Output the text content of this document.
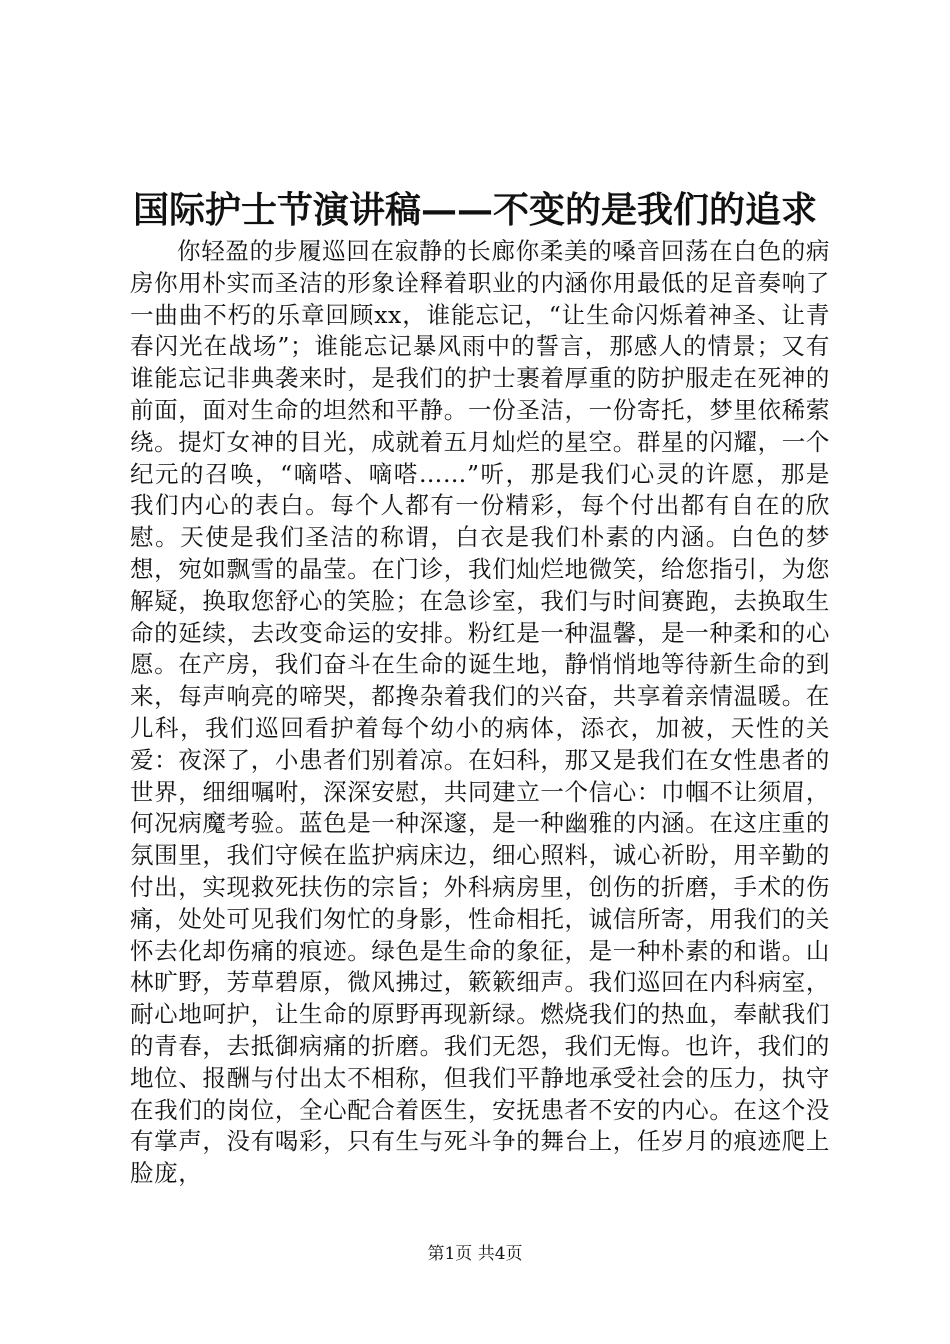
国际护士节演讲稿——不变的是我们的追求

你轻盈的步履巡回在寂静的长廊你柔美的嗓音回荡在白色的病房你用朴实而圣洁的形象诠释着职业的内涵你用最低的足音奏响了一曲曲不朽的乐章回顾xx，谁能忘记，“让生命闪烁着神圣、让青春闪光在战场”；谁能忘记暴风雨中的誓言，那感人的情景；又有谁能忘记非典袭来时，是我们的护士裹着厚重的防护服走在死神的前面，面对生命的坦然和平静。一份圣洁，一份寄托，梦里依稀萦绕。提灯女神的目光，成就着五月灿烂的星空。群星的闪耀，一个纪元的召唤，“嘀嗒、嘀嗒……”听，那是我们心灵的许愿，那是我们内心的表白。每个人都有一份精彩，每个付出都有自在的欣慰。天使是我们圣洁的称谓，白衣是我们朴素的内涵。白色的梦想，宛如飘雪的晶莹。在门诊，我们灿烂地微笑，给您指引，为您解疑，换取您舒心的笑脸；在急诊室，我们与时间赛跑，去换取生命的延续，去改变命运的安排。粉红是一种温馨，是一种柔和的心愿。在产房，我们奋斗在生命的诞生地，静悄悄地等待新生命的到来，每声响亮的啼哭，都搀杂着我们的兴奋，共享着亲情温暖。在儿科，我们巡回看护着每个幼小的病体，添衣，加被，天性的关爱：夜深了，小患者们别着凉。在妇科，那又是我们在女性患者的世界，细细嘱咐，深深安慰，共同建立一个信心：巾帼不让须眉，何况病魔考验。蓝色是一种深邃，是一种幽雅的内涵。在这庄重的氛围里，我们守候在监护病床边，细心照料，诚心祈盼，用辛勤的付出，实现救死扶伤的宗旨；外科病房里，创伤的折磨，手术的伤痛，处处可见我们匆忙的身影，性命相托，诚信所寄，用我们的关怀去化却伤痛的痕迹。绿色是生命的象征，是一种朴素的和谐。山林旷野，芳草碧原，微风拂过，簌簌细声。我们巡回在内科病室，耐心地呵护，让生命的原野再现新绿。燃烧我们的热血，奉献我们的青春，去抵御病痛的折磨。我们无怨，我们无悔。也许，我们的地位、报酬与付出太不相称，但我们平静地承受社会的压力，执守在我们的岗位，全心配合着医生，安抚患者不安的内心。在这个没有掌声，没有喝彩，只有生与死斗争的舞台上，任岁月的痕迹爬上脸庞，

第1页 共4页
